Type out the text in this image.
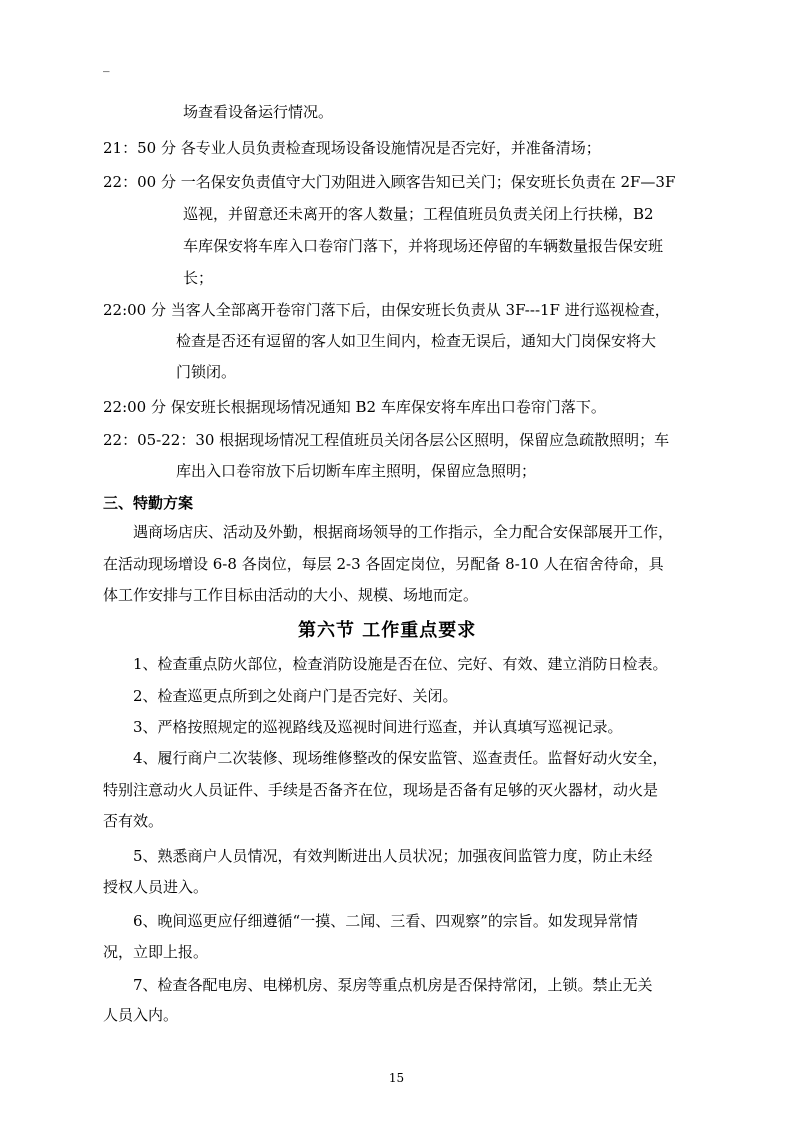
_
场查看设备运行情况。
21：50 分 各专业人员负责检查现场设备设施情况是否完好，并准备清场；
22：00 分 一名保安负责值守大门劝阻进入顾客告知已关门；保安班长负责在 2F—3F
巡视，并留意还未离开的客人数量；工程值班员负责关闭上行扶梯，B2
车库保安将车库入口卷帘门落下，并将现场还停留的车辆数量报告保安班
长；
22:00 分 当客人全部离开卷帘门落下后，由保安班长负责从 3F---1F 进行巡视检查，
检查是否还有逗留的客人如卫生间内，检查无误后，通知大门岗保安将大
门锁闭。
22:00 分 保安班长根据现场情况通知 B2 车库保安将车库出口卷帘门落下。
22：05-22：30 根据现场情况工程值班员关闭各层公区照明，保留应急疏散照明；车
库出入口卷帘放下后切断车库主照明，保留应急照明；
三、特勤方案
遇商场店庆、活动及外勤，根据商场领导的工作指示，全力配合安保部展开工作，
在活动现场增设 6-8 各岗位，每层 2-3 各固定岗位，另配备 8-10 人在宿舍待命，具
体工作安排与工作目标由活动的大小、规模、场地而定。
第六节 工作重点要求
1、检查重点防火部位，检查消防设施是否在位、完好、有效、建立消防日检表。
2、检查巡更点所到之处商户门是否完好、关闭。
3、严格按照规定的巡视路线及巡视时间进行巡查，并认真填写巡视记录。
4、履行商户二次装修、现场维修整改的保安监管、巡查责任。监督好动火安全，
特别注意动火人员证件、手续是否备齐在位，现场是否备有足够的灭火器材，动火是
否有效。
5、熟悉商户人员情况，有效判断进出人员状况；加强夜间监管力度，防止未经
授权人员进入。
6、晚间巡更应仔细遵循“一摸、二闻、三看、四观察”的宗旨。如发现异常情
况，立即上报。
7、检查各配电房、电梯机房、泵房等重点机房是否保持常闭，上锁。禁止无关
人员入内。
15
